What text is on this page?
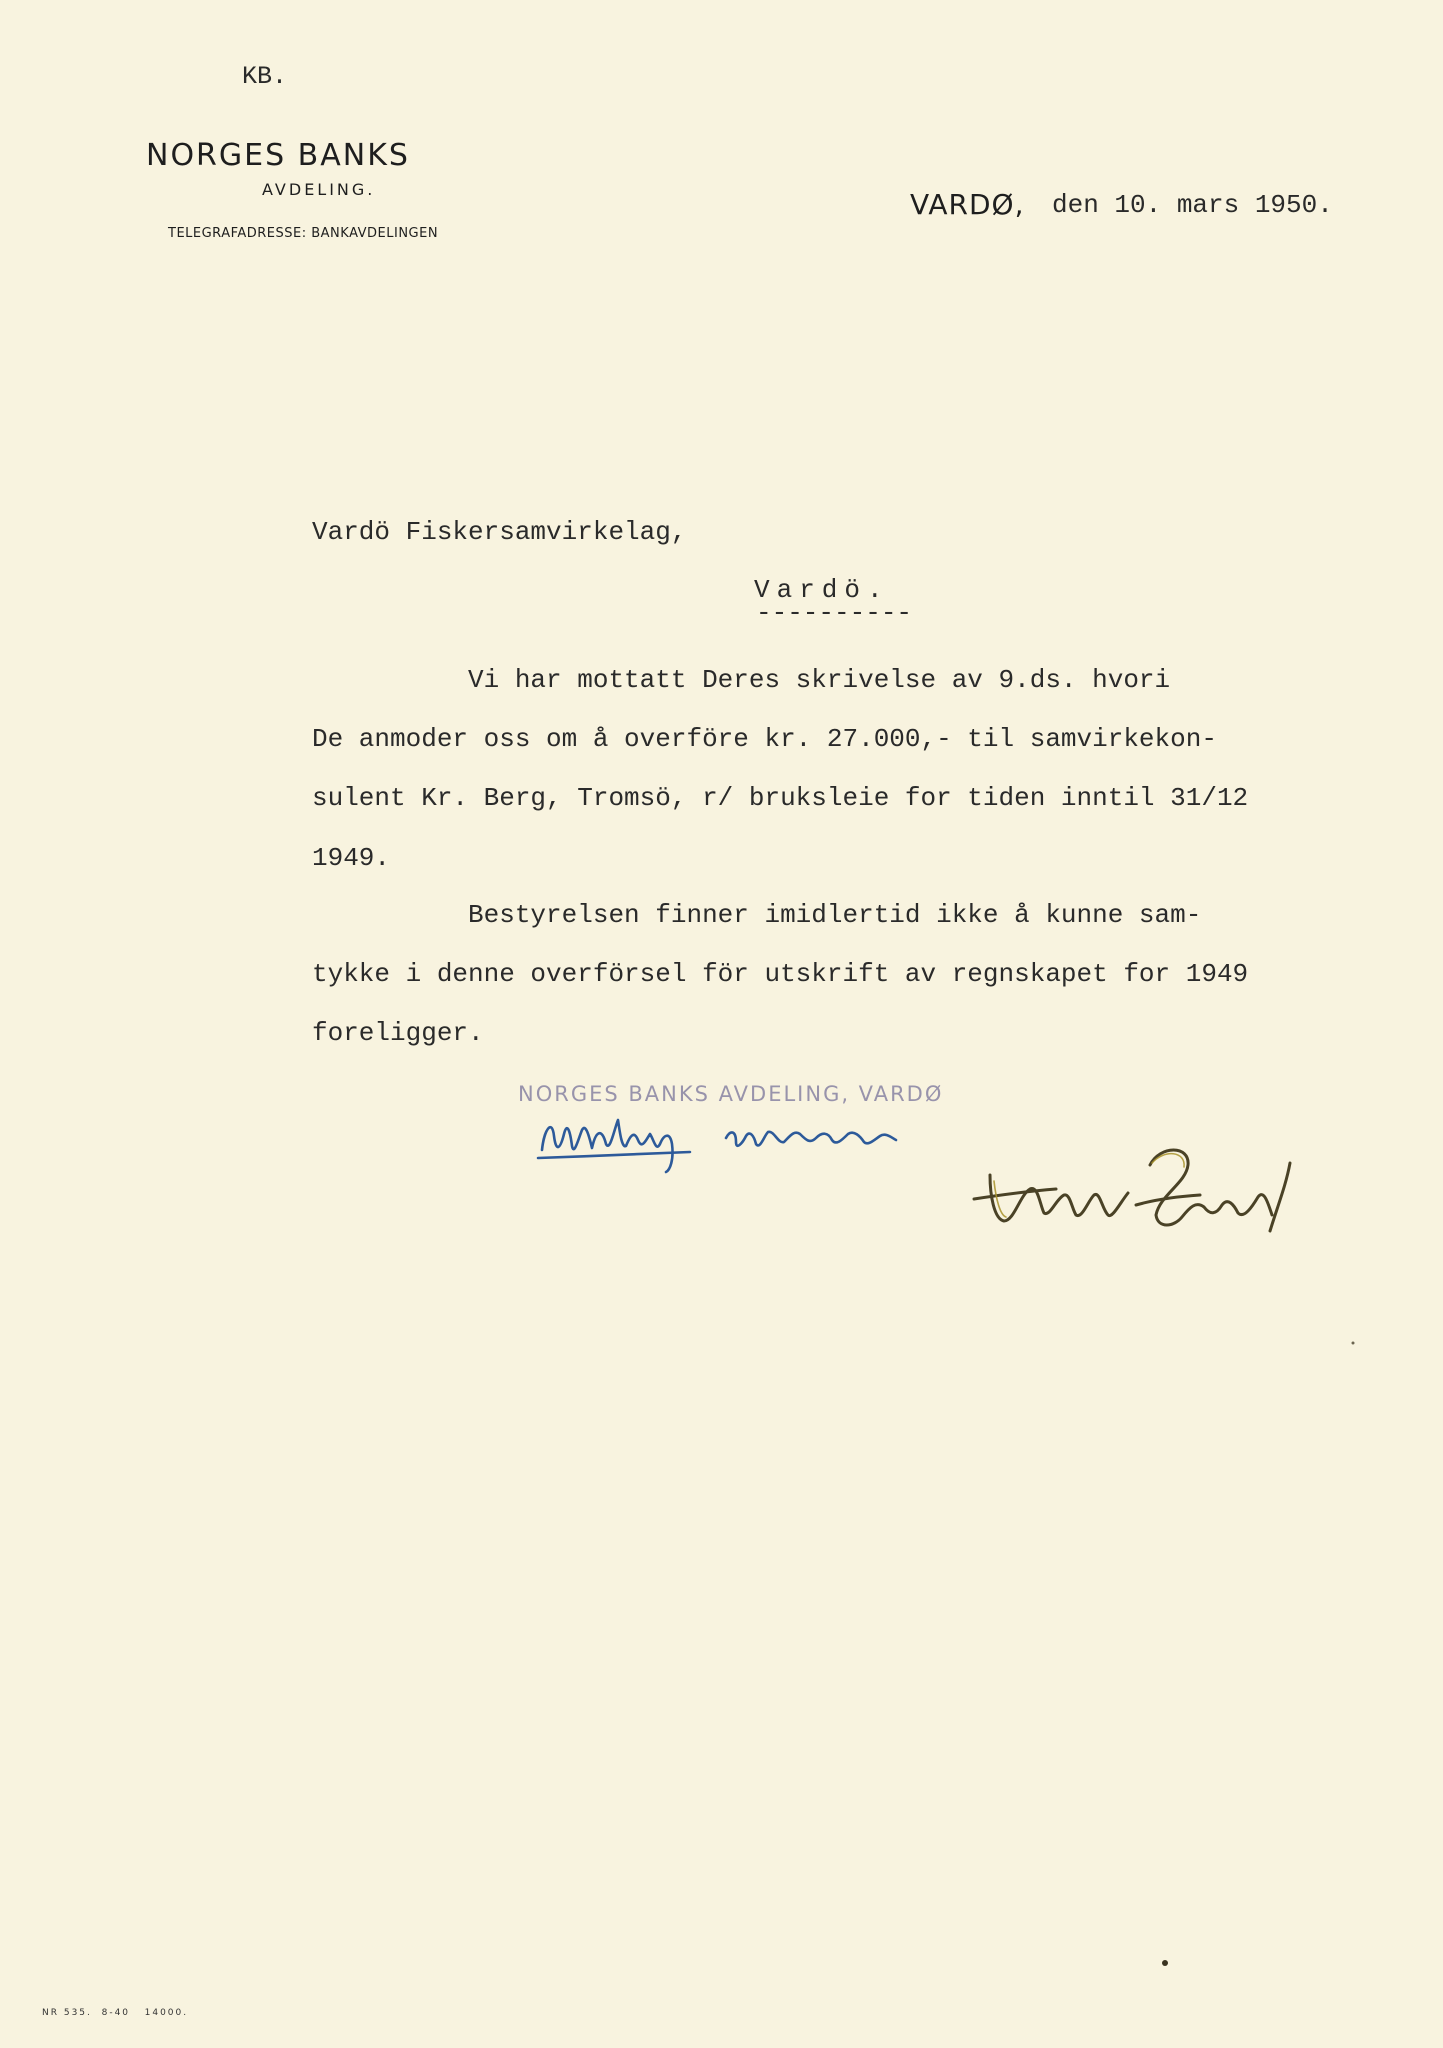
KB.
NORGES BANKS
AVDELING.
TELEGRAFADRESSE: BANKAVDELINGEN
VARDØ, den 10. mars 1950.
Vardö Fiskersamvirkelag,
Vardö.
----------
Vi har mottatt Deres skrivelse av 9.ds. hvori
De anmoder oss om å overföre kr. 27.000,- til samvirkekon-
sulent Kr. Berg, Tromsö, r/ bruksleie for tiden inntil 31/12
1949.
Bestyrelsen finner imidlertid ikke å kunne sam-
tykke i denne overförsel för utskrift av regnskapet for 1949
foreligger.
NORGES BANKS AVDELING, VARDØ
NR 535.  8-40   14000.
